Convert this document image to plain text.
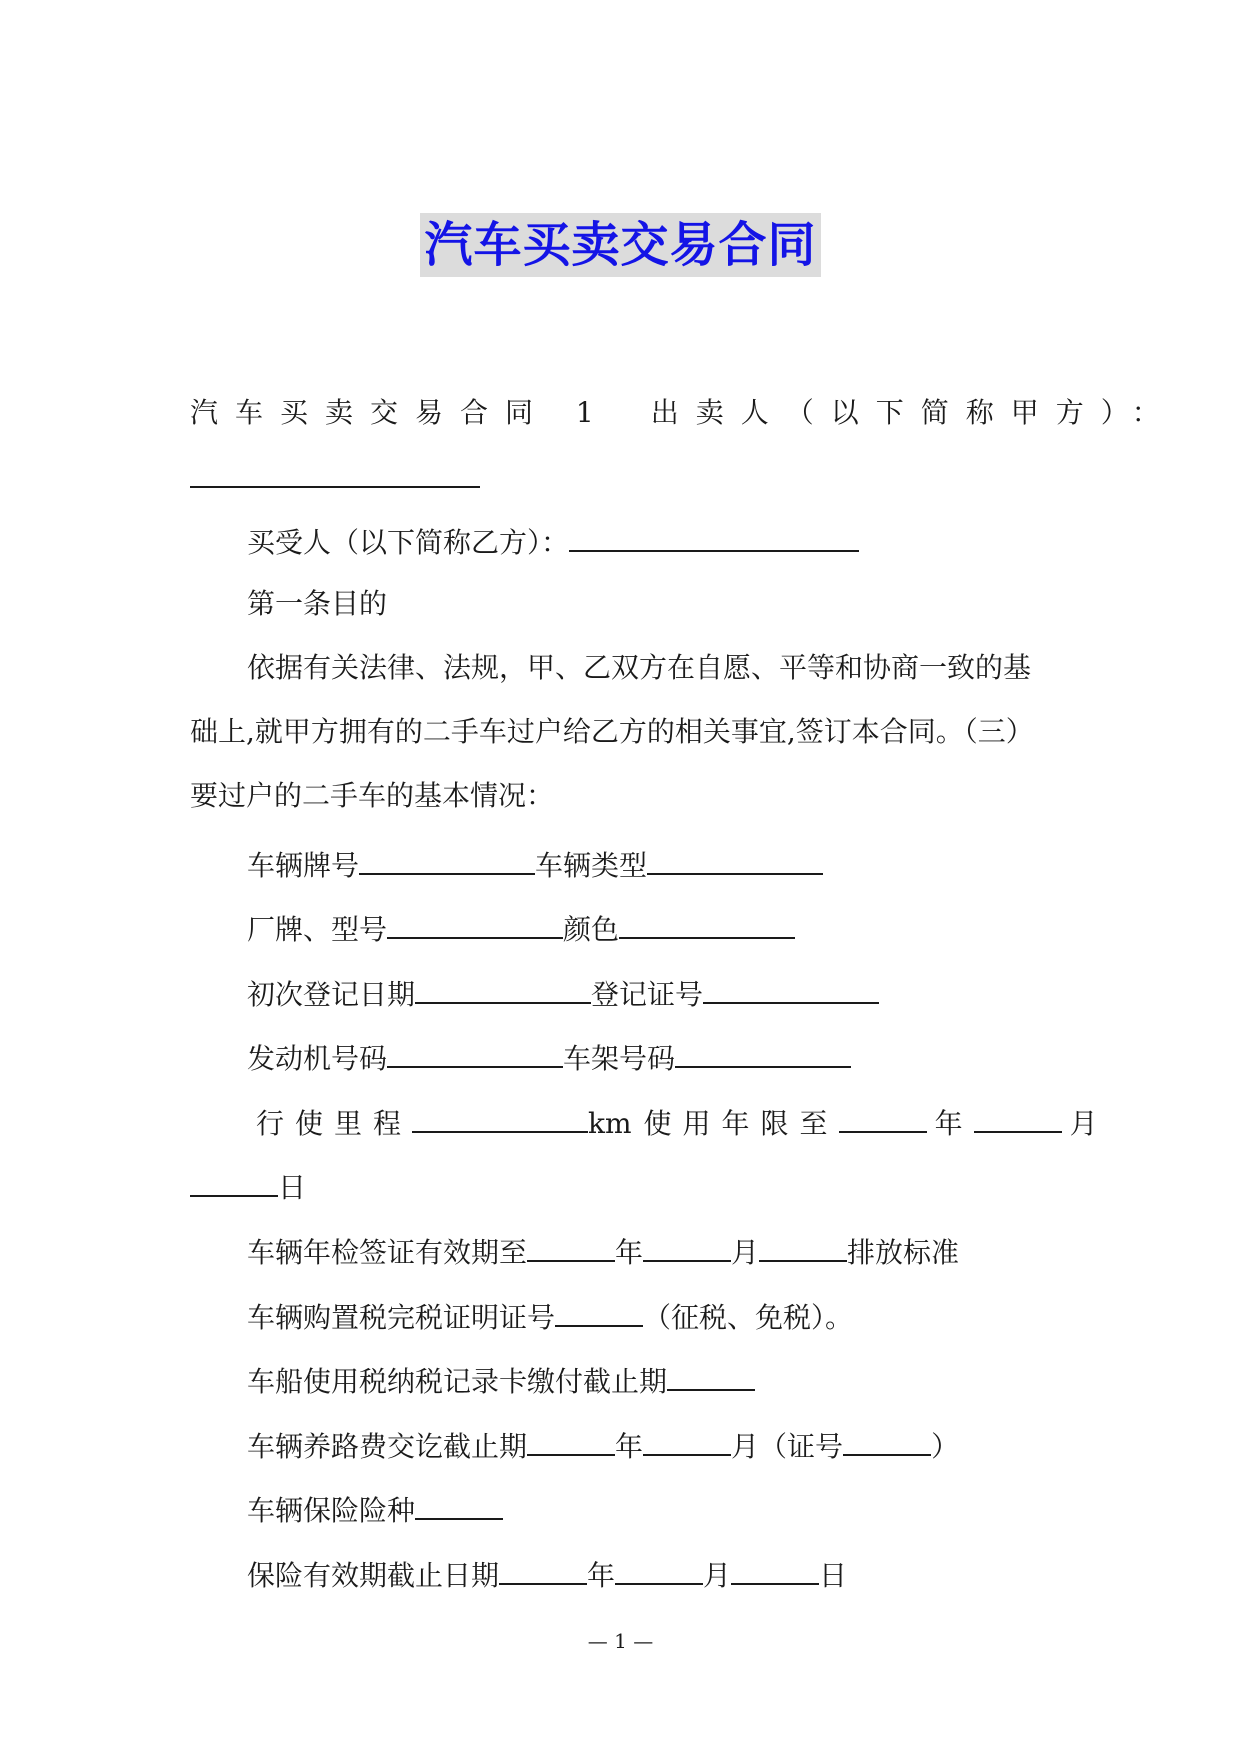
汽车买卖交易合同
汽车买卖交易合同 1 出卖人（以下简称甲方）：
买受人（以下简称乙方）：
第一条目的
依据有关法律、法规，甲、乙双方在自愿、平等和协商一致的基
础上,就甲方拥有的二手车过户给乙方的相关事宜,签订本合同。（三）
要过户的二手车的基本情况：
车辆牌号	车辆类型
厂牌、型号	颜色
初次登记日期	登记证号
发动机号码	车架号码
行使里程	km 使用年限至	年	月
日
车辆年检签证有效期至	年	月	排放标准
车辆购置税完税证明证号	（征税、免税）。
车船使用税纳税记录卡缴付截止期
车辆养路费交讫截止期	年	月（证号	）
车辆保险险种
保险有效期截止日期	年	月	日
— 1 —
